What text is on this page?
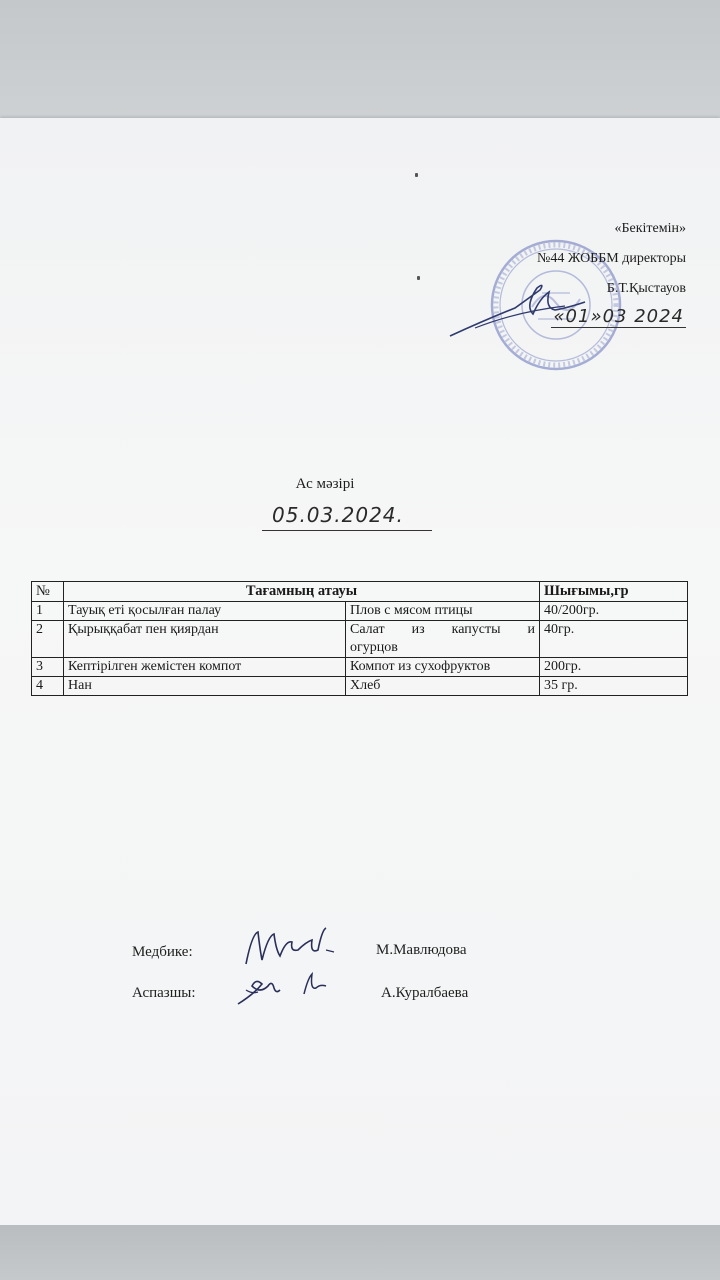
«Бекітемін»
№44 ЖОББМ директоры
Б.Т.Қыстауов
«01»03 2024
Ас мәзірі
05.03.2024.
№	Тағамның атауы		Шығымы,гр
1	Тауық еті қосылған палау	Плов с мясом птицы	40/200гр.
2	Қырыққабат пен қиярдан	Салат из капусты и
огурцов	40гр.
3	Кептірілген жемістен компот	Компот из сухофруктов	200гр.
4	Нан	Хлеб	35 гр.
Медбике:	М.Мавлюдова
Аспазшы:	А.Куралбаева
